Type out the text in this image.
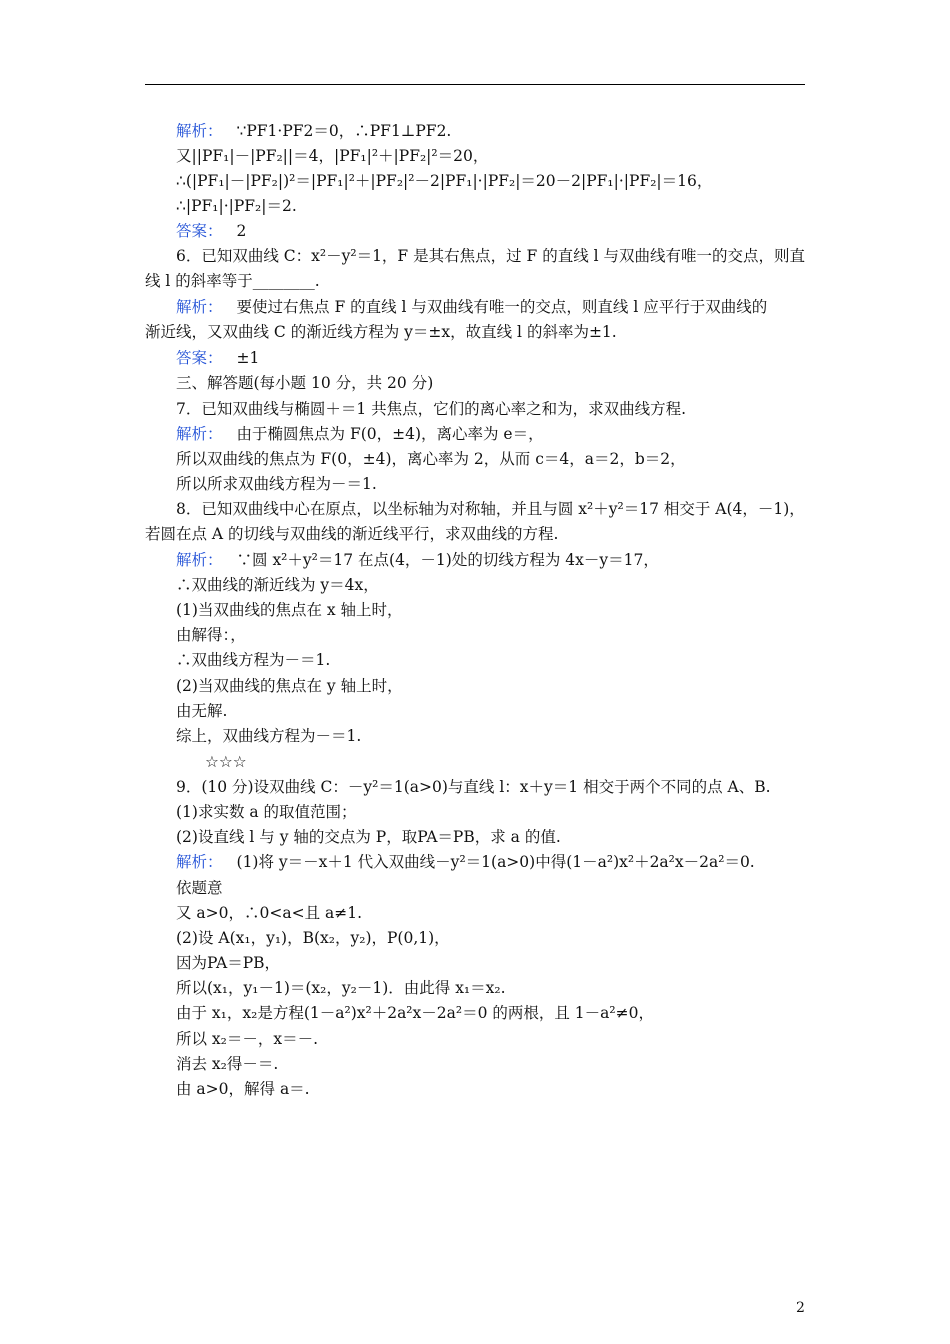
解析： ∵PF1·PF2＝0，∴PF1⊥PF2.
又||PF₁|－|PF₂||＝4，|PF₁|²＋|PF₂|²＝20，
∴(|PF₁|－|PF₂|)²＝|PF₁|²＋|PF₂|²－2|PF₁|·|PF₂|＝20－2|PF₁|·|PF₂|＝16，
∴|PF₁|·|PF₂|＝2.
答案： 2
6．已知双曲线 C：x²－y²＝1，F 是其右焦点，过 F 的直线 l 与双曲线有唯一的交点，则直
线 l 的斜率等于________.
解析： 要使过右焦点 F 的直线 l 与双曲线有唯一的交点，则直线 l 应平行于双曲线的
渐近线，又双曲线 C 的渐近线方程为 y＝±x，故直线 l 的斜率为±1.
答案： ±1
三、解答题(每小题 10 分，共 20 分)
7．已知双曲线与椭圆＋＝1 共焦点，它们的离心率之和为，求双曲线方程.
解析： 由于椭圆焦点为 F(0，±4)，离心率为 e＝，
所以双曲线的焦点为 F(0，±4)，离心率为 2，从而 c＝4，a＝2，b＝2，
所以所求双曲线方程为－＝1.
8．已知双曲线中心在原点，以坐标轴为对称轴，并且与圆 x²＋y²＝17 相交于 A(4，－1)，
若圆在点 A 的切线与双曲线的渐近线平行，求双曲线的方程.
解析： ∵圆 x²＋y²＝17 在点(4，－1)处的切线方程为 4x－y＝17，
∴双曲线的渐近线为 y＝4x，
(1)当双曲线的焦点在 x 轴上时，
由解得：，
∴双曲线方程为－＝1.
(2)当双曲线的焦点在 y 轴上时，
由无解.
综上，双曲线方程为－＝1.
☆☆☆
9．(10 分)设双曲线 C：－y²＝1(a>0)与直线 l：x＋y＝1 相交于两个不同的点 A、B.
(1)求实数 a 的取值范围；
(2)设直线 l 与 y 轴的交点为 P，取PA＝PB，求 a 的值.
解析： (1)将 y＝－x＋1 代入双曲线－y²＝1(a>0)中得(1－a²)x²＋2a²x－2a²＝0.
依题意
又 a>0，∴0<a<且 a≠1.
(2)设 A(x₁，y₁)，B(x₂，y₂)，P(0,1)，
因为PA＝PB，
所以(x₁，y₁－1)＝(x₂，y₂－1)．由此得 x₁＝x₂.
由于 x₁，x₂是方程(1－a²)x²＋2a²x－2a²＝0 的两根，且 1－a²≠0，
所以 x₂＝－，x＝－.
消去 x₂得－＝.
由 a>0，解得 a＝.
2
